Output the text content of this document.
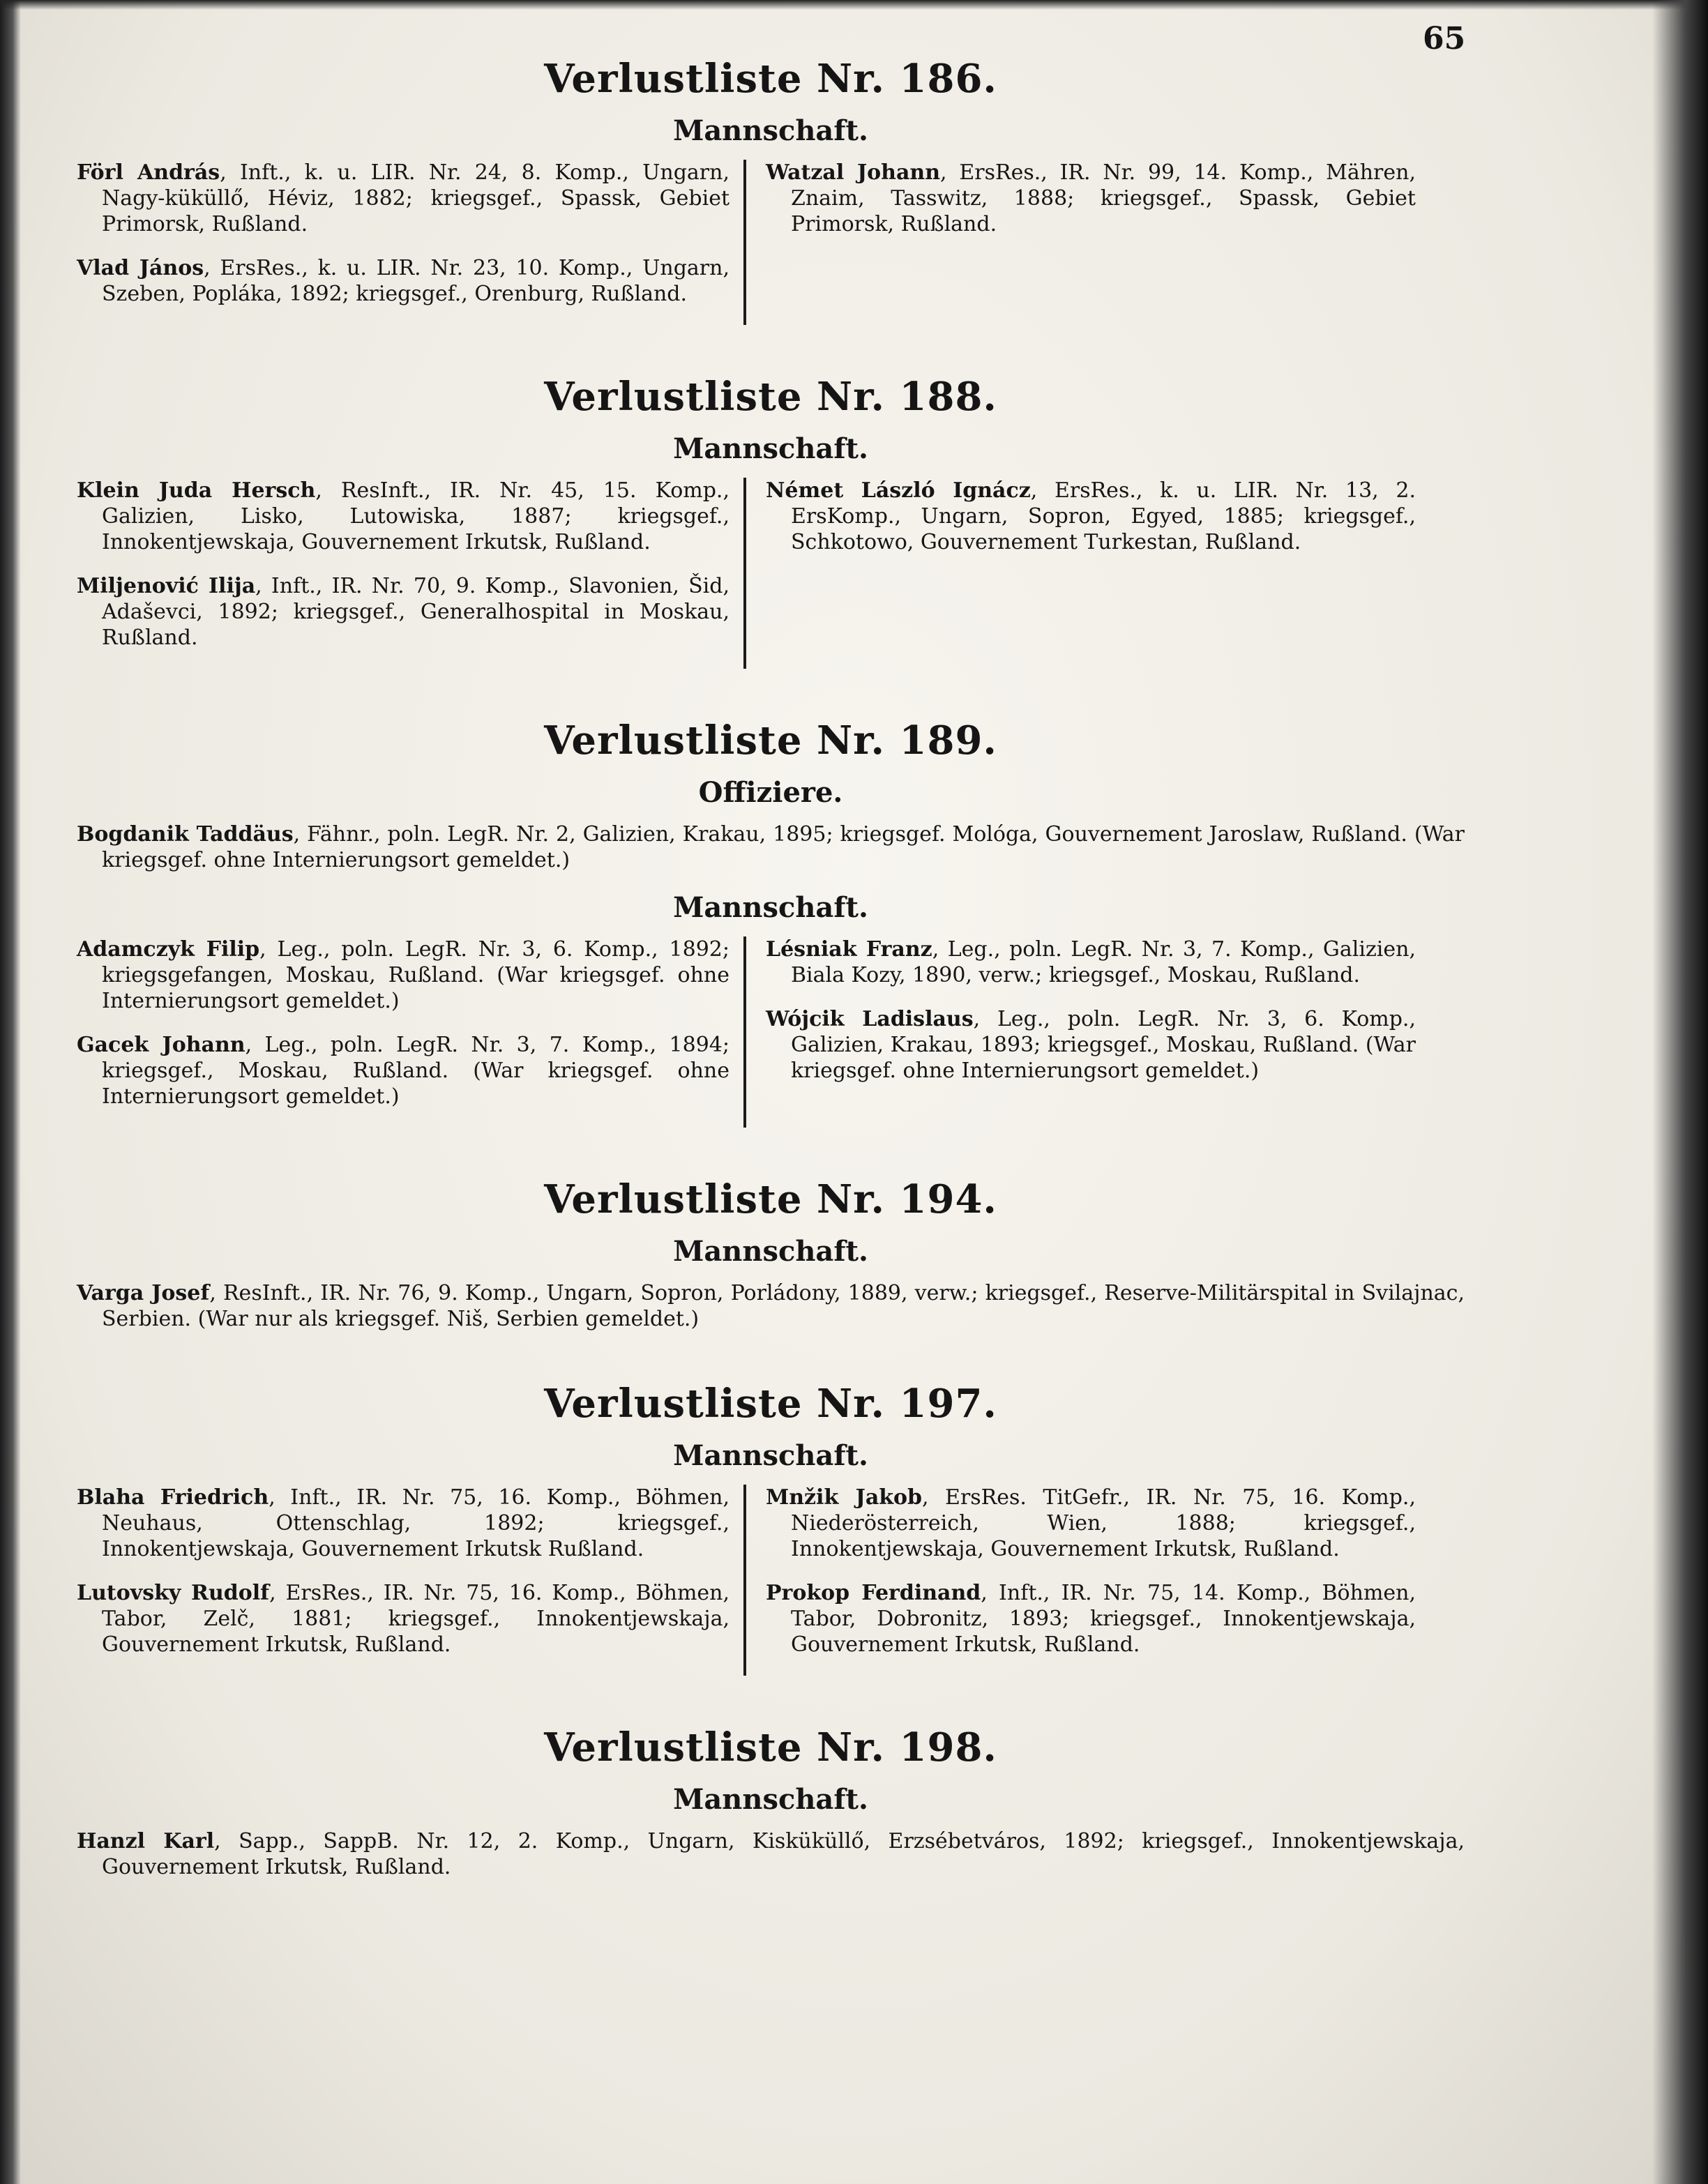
65
Verlustliste Nr. 186.
Mannschaft.

Förl András, Inft., k. u. LIR. Nr. 24, 8. Komp., Ungarn, Nagy-küküllő, Héviz, 1882; kriegsgef., Spassk, Gebiet Primorsk, Rußland.

Vlad János, ErsRes., k. u. LIR. Nr. 23, 10. Komp., Ungarn, Szeben, Popláka, 1892; kriegsgef., Orenburg, Rußland.

Watzal Johann, ErsRes., IR. Nr. 99, 14. Komp., Mähren, Znaim, Tasswitz, 1888; kriegsgef., Spassk, Gebiet Primorsk, Rußland.

Verlustliste Nr. 188.
Mannschaft.

Klein Juda Hersch, ResInft., IR. Nr. 45, 15. Komp., Galizien, Lisko, Lutowiska, 1887; kriegsgef., Innokentjewskaja, Gouvernement Irkutsk, Rußland.

Miljenović Ilija, Inft., IR. Nr. 70, 9. Komp., Slavonien, Šid, Adaševci, 1892; kriegsgef., Generalhospital in Moskau, Rußland.

Német László Ignácz, ErsRes., k. u. LIR. Nr. 13, 2. ErsKomp., Ungarn, Sopron, Egyed, 1885; kriegsgef., Schkotowo, Gouvernement Turkestan, Rußland.

Verlustliste Nr. 189.
Offiziere.

Bogdanik Taddäus, Fähnr., poln. LegR. Nr. 2, Galizien, Krakau, 1895; kriegsgef. Mológa, Gouvernement Jaroslaw, Rußland. (War kriegsgef. ohne Internierungsort gemeldet.)

Mannschaft.

Adamczyk Filip, Leg., poln. LegR. Nr. 3, 6. Komp., 1892; kriegsgefangen, Moskau, Rußland. (War kriegsgef. ohne Internierungsort gemeldet.)

Gacek Johann, Leg., poln. LegR. Nr. 3, 7. Komp., 1894; kriegsgef., Moskau, Rußland. (War kriegsgef. ohne Internierungsort gemeldet.)

Lésniak Franz, Leg., poln. LegR. Nr. 3, 7. Komp., Galizien, Biala Kozy, 1890, verw.; kriegsgef., Moskau, Rußland.

Wójcik Ladislaus, Leg., poln. LegR. Nr. 3, 6. Komp., Galizien, Krakau, 1893; kriegsgef., Moskau, Rußland. (War kriegsgef. ohne Internierungsort gemeldet.)

Verlustliste Nr. 194.
Mannschaft.

Varga Josef, ResInft., IR. Nr. 76, 9. Komp., Ungarn, Sopron, Porládony, 1889, verw.; kriegsgef., Reserve-Militärspital in Svilajnac, Serbien. (War nur als kriegsgef. Niš, Serbien gemeldet.)

Verlustliste Nr. 197.
Mannschaft.

Blaha Friedrich, Inft., IR. Nr. 75, 16. Komp., Böhmen, Neuhaus, Ottenschlag, 1892; kriegsgef., Innokentjewskaja, Gouvernement Irkutsk Rußland.

Lutovsky Rudolf, ErsRes., IR. Nr. 75, 16. Komp., Böhmen, Tabor, Zelč, 1881; kriegsgef., Innokentjewskaja, Gouvernement Irkutsk, Rußland.

Mnžik Jakob, ErsRes. TitGefr., IR. Nr. 75, 16. Komp., Niederösterreich, Wien, 1888; kriegsgef., Innokentjewskaja, Gouvernement Irkutsk, Rußland.

Prokop Ferdinand, Inft., IR. Nr. 75, 14. Komp., Böhmen, Tabor, Dobronitz, 1893; kriegsgef., Innokentjewskaja, Gouvernement Irkutsk, Rußland.

Verlustliste Nr. 198.
Mannschaft.

Hanzl Karl, Sapp., SappB. Nr. 12, 2. Komp., Ungarn, Kisküküllő, Erzsébetváros, 1892; kriegsgef., Innokentjewskaja, Gouvernement Irkutsk, Rußland.
